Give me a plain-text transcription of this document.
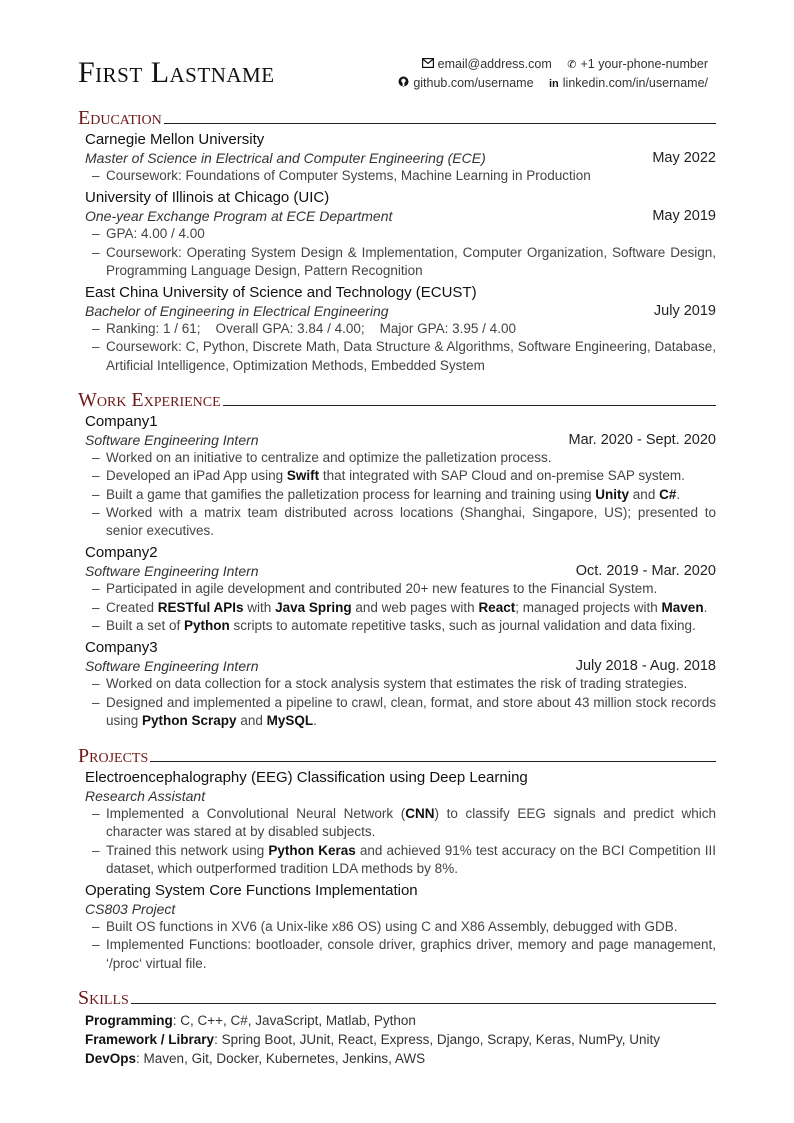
First Lastname	email@address.com ✆ +1 your-phone-number
github.com/username in linkedin.com/in/username/
Education
Carnegie Mellon University
Master of Science in Electrical and Computer Engineering (ECE)	May 2022
– Coursework: Foundations of Computer Systems, Machine Learning in Production
University of Illinois at Chicago (UIC)
One-year Exchange Program at ECE Department	May 2019
– GPA: 4.00 / 4.00
– Coursework: Operating System Design & Implementation, Computer Organization, Software Design, Programming Language Design, Pattern Recognition
East China University of Science and Technology (ECUST)
Bachelor of Engineering in Electrical Engineering	July 2019
– Ranking: 1 / 61;    Overall GPA: 3.84 / 4.00;    Major GPA: 3.95 / 4.00
– Coursework: C, Python, Discrete Math, Data Structure & Algorithms, Software Engineering, Database, Artificial Intelligence, Optimization Methods, Embedded System
Work Experience
Company1
Software Engineering Intern	Mar. 2020 - Sept. 2020
– Worked on an initiative to centralize and optimize the palletization process.
– Developed an iPad App using Swift that integrated with SAP Cloud and on-premise SAP system.
– Built a game that gamifies the palletization process for learning and training using Unity and C#.
– Worked with a matrix team distributed across locations (Shanghai, Singapore, US); presented to senior executives.
Company2
Software Engineering Intern	Oct. 2019 - Mar. 2020
– Participated in agile development and contributed 20+ new features to the Financial System.
– Created RESTful APIs with Java Spring and web pages with React; managed projects with Maven.
– Built a set of Python scripts to automate repetitive tasks, such as journal validation and data fixing.
Company3
Software Engineering Intern	July 2018 - Aug. 2018
– Worked on data collection for a stock analysis system that estimates the risk of trading strategies.
– Designed and implemented a pipeline to crawl, clean, format, and store about 43 million stock records using Python Scrapy and MySQL.
Projects
Electroencephalography (EEG) Classification using Deep Learning
Research Assistant
– Implemented a Convolutional Neural Network (CNN) to classify EEG signals and predict which character was stared at by disabled subjects.
– Trained this network using Python Keras and achieved 91% test accuracy on the BCI Competition III dataset, which outperformed tradition LDA methods by 8%.
Operating System Core Functions Implementation
CS803 Project
– Built OS functions in XV6 (a Unix-like x86 OS) using C and X86 Assembly, debugged with GDB.
– Implemented Functions: bootloader, console driver, graphics driver, memory and page management, ‘/proc‘ virtual file.
Skills
Programming: C, C++, C#, JavaScript, Matlab, Python
Framework / Library: Spring Boot, JUnit, React, Express, Django, Scrapy, Keras, NumPy, Unity
DevOps: Maven, Git, Docker, Kubernetes, Jenkins, AWS
